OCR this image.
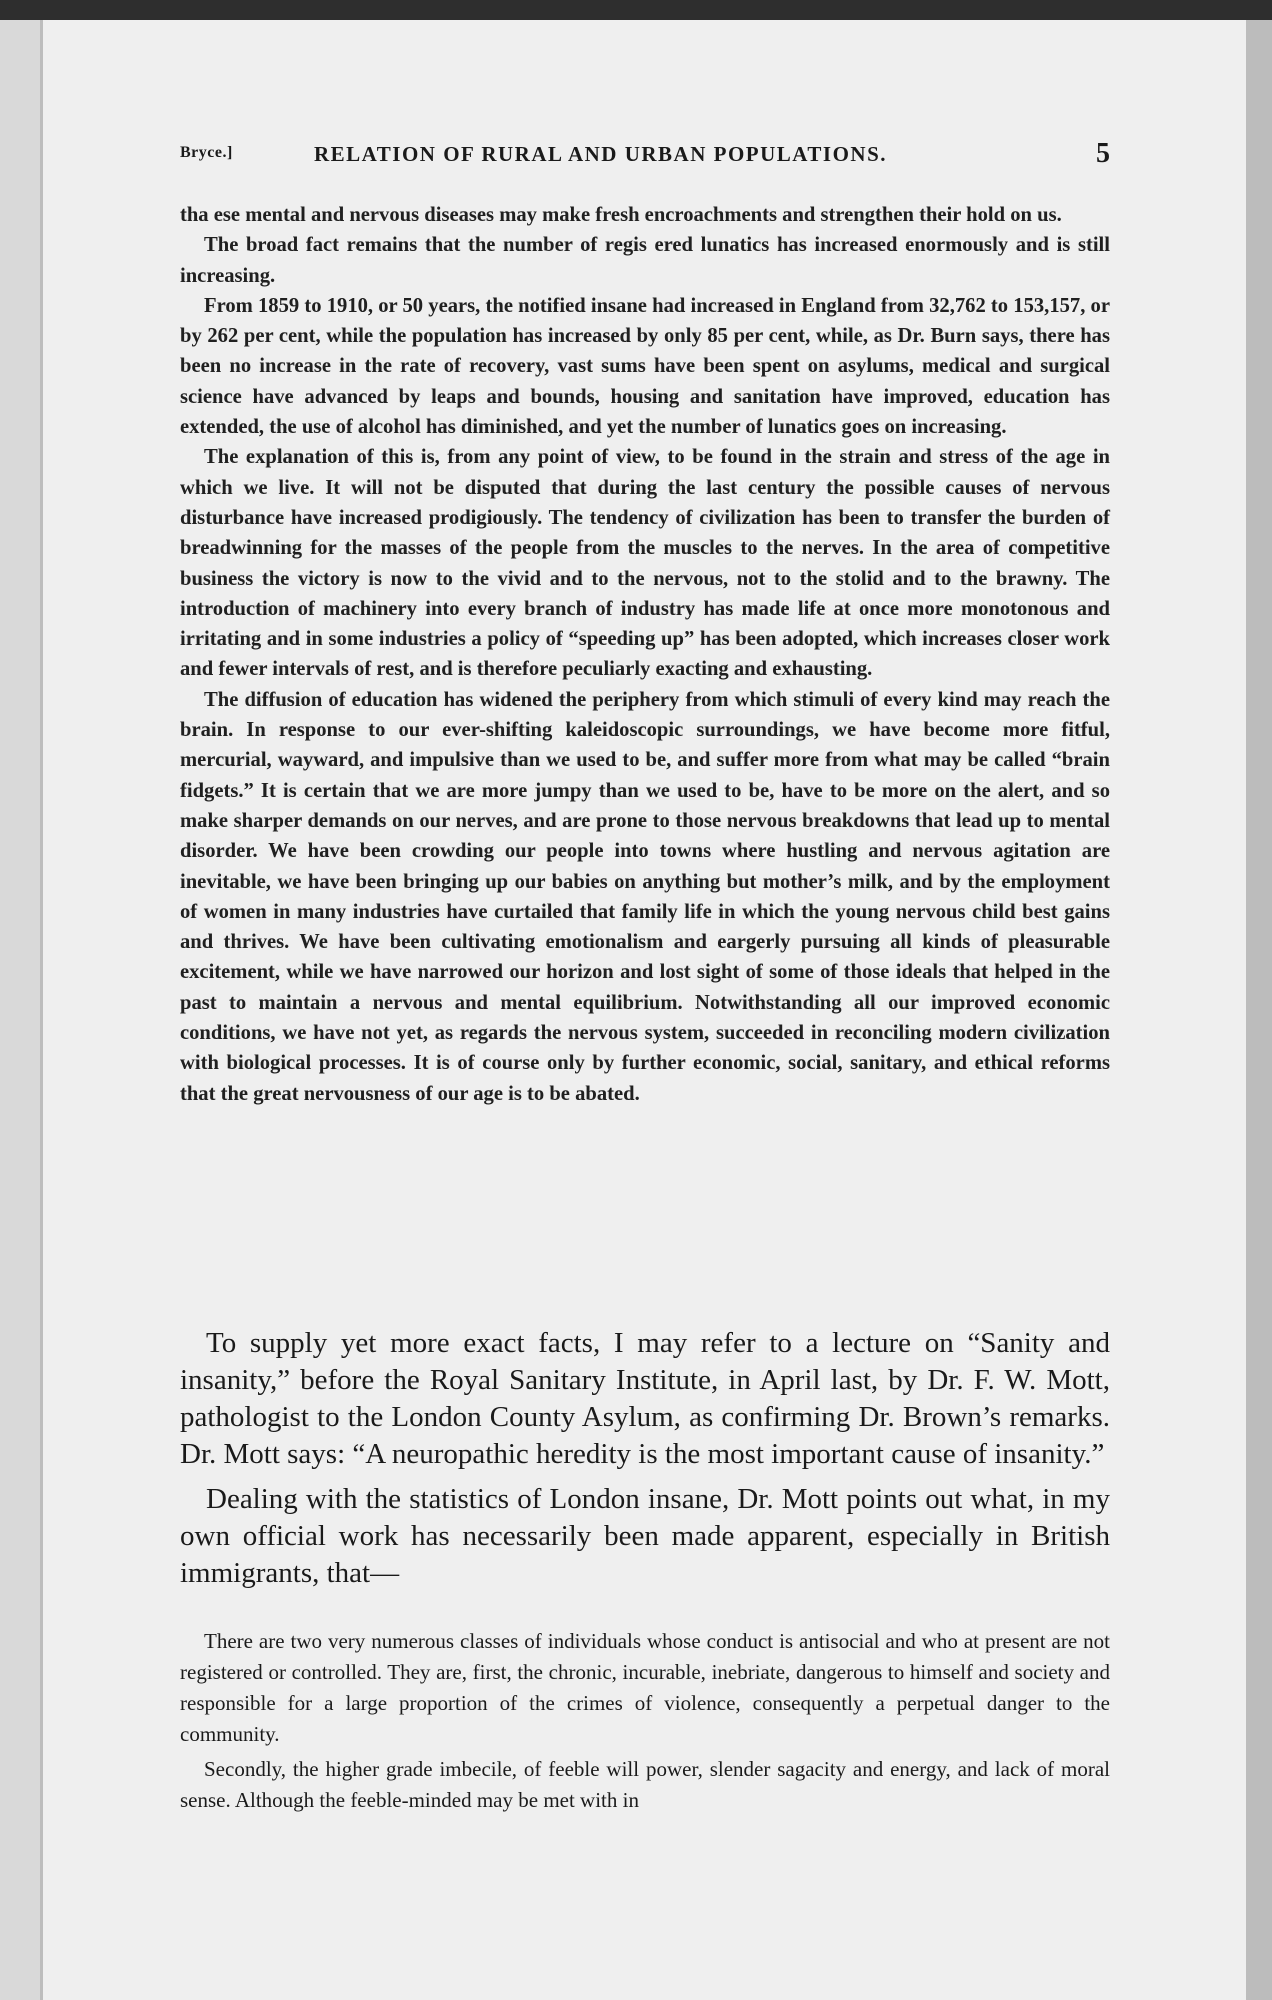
Bryce.]	RELATION OF RURAL AND URBAN POPULATIONS.	5

tha ese mental and nervous diseases may make fresh encroachments and strengthen their hold on us.

The broad fact remains that the number of regis ered lunatics has increased enormously and is still increasing.

From 1859 to 1910, or 50 years, the notified insane had increased in England from 32,762 to 153,157, or by 262 per cent, while the population has increased by only 85 per cent, while, as Dr. Burn says, there has been no increase in the rate of recovery, vast sums have been spent on asylums, medical and surgical science have advanced by leaps and bounds, housing and sanitation have improved, education has extended, the use of alcohol has diminished, and yet the number of lunatics goes on increasing.

The explanation of this is, from any point of view, to be found in the strain and stress of the age in which we live. It will not be disputed that during the last century the possible causes of nervous disturbance have increased prodigiously. The tendency of civilization has been to transfer the burden of breadwinning for the masses of the people from the muscles to the nerves. In the area of competitive business the victory is now to the vivid and to the nervous, not to the stolid and to the brawny. The introduction of machinery into every branch of industry has made life at once more monotonous and irritating and in some industries a policy of “speeding up” has been adopted, which increases closer work and fewer intervals of rest, and is therefore peculiarly exacting and exhausting.

The diffusion of education has widened the periphery from which stimuli of every kind may reach the brain. In response to our ever-shifting kaleidoscopic surroundings, we have become more fitful, mercurial, wayward, and impulsive than we used to be, and suffer more from what may be called “brain fidgets.” It is certain that we are more jumpy than we used to be, have to be more on the alert, and so make sharper demands on our nerves, and are prone to those nervous breakdowns that lead up to mental disorder. We have been crowding our people into towns where hustling and nervous agitation are inevitable, we have been bringing up our babies on anything but mother’s milk, and by the employment of women in many industries have curtailed that family life in which the young nervous child best gains and thrives. We have been cultivating emotionalism and eargerly pursuing all kinds of pleasurable excitement, while we have narrowed our horizon and lost sight of some of those ideals that helped in the past to maintain a nervous and mental equilibrium. Notwithstanding all our improved economic conditions, we have not yet, as regards the nervous system, succeeded in reconciling modern civilization with biological processes. It is of course only by further economic, social, sanitary, and ethical reforms that the great nervousness of our age is to be abated.

To supply yet more exact facts, I may refer to a lecture on “Sanity and insanity,” before the Royal Sanitary Institute, in April last, by Dr. F. W. Mott, pathologist to the London County Asylum, as confirming Dr. Brown’s remarks. Dr. Mott says: “A neuropathic heredity is the most important cause of insanity.”

Dealing with the statistics of London insane, Dr. Mott points out what, in my own official work has necessarily been made apparent, especially in British immigrants, that—

There are two very numerous classes of individuals whose conduct is antisocial and who at present are not registered or controlled. They are, first, the chronic, incurable, inebriate, dangerous to himself and society and responsible for a large proportion of the crimes of violence, consequently a perpetual danger to the community.

Secondly, the higher grade imbecile, of feeble will power, slender sagacity and energy, and lack of moral sense. Although the feeble-minded may be met with in
